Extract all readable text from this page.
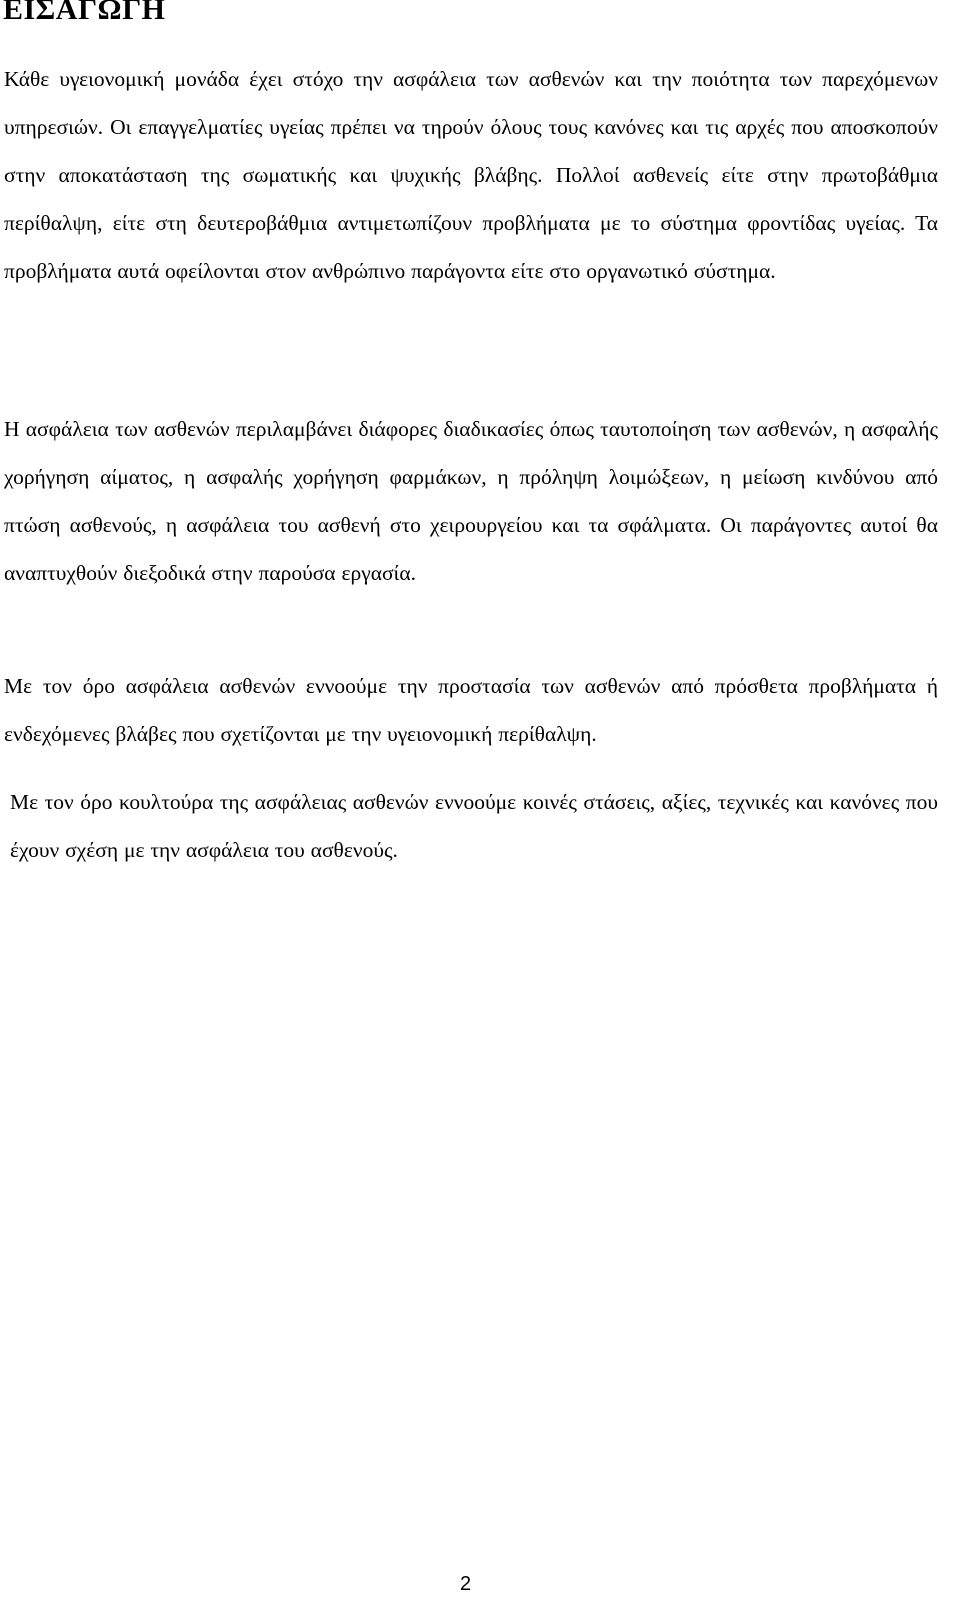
ΕΙΣΑΓΩΓΗ

Κάθε υγειονομική μονάδα έχει στόχο την ασφάλεια των ασθενών και την ποιότητα των παρεχόμενων υπηρεσιών. Οι επαγγελματίες υγείας πρέπει να τηρούν όλους τους κανόνες και τις αρχές που αποσκοπούν στην αποκατάσταση της σωματικής και ψυχικής βλάβης. Πολλοί ασθενείς είτε στην πρωτοβάθμια περίθαλψη, είτε στη δευτεροβάθμια αντιμετωπίζουν προβλήματα με το σύστημα φροντίδας υγείας. Τα προβλήματα αυτά οφείλονται στον ανθρώπινο παράγοντα είτε στο οργανωτικό σύστημα.

Η ασφάλεια των ασθενών περιλαμβάνει διάφορες διαδικασίες όπως ταυτοποίηση των ασθενών, η ασφαλής χορήγηση αίματος, η ασφαλής χορήγηση φαρμάκων, η πρόληψη λοιμώξεων, η μείωση κινδύνου από πτώση ασθενούς, η ασφάλεια του ασθενή στο χειρουργείου και τα σφάλματα. Οι παράγοντες αυτοί θα αναπτυχθούν διεξοδικά στην παρούσα εργασία.

Με τον όρο ασφάλεια ασθενών εννοούμε την προστασία των ασθενών από πρόσθετα προβλήματα ή ενδεχόμενες βλάβες που σχετίζονται με την υγειονομική περίθαλψη.

Με τον όρο κουλτούρα της ασφάλειας ασθενών εννοούμε κοινές στάσεις, αξίες, τεχνικές και κανόνες που έχουν σχέση με την ασφάλεια του ασθενούς.

2
